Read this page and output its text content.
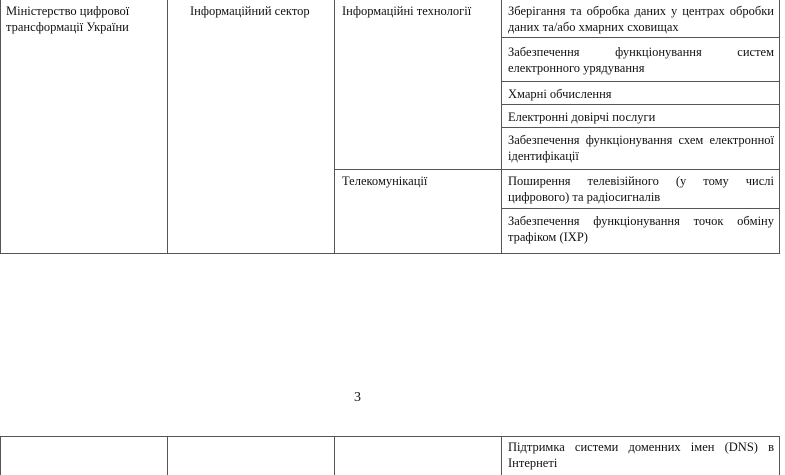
Міністерство цифрової трансформації України

Інформаційний сектор	Інформаційні технології

Телекомунікації

Зберігання та обробка даних у центрах обробки даних та/або хмарних сховищах

Забезпечення функціонування систем електронного урядування

Хмарні обчислення

Електронні довірчі послуги

Забезпечення функціонування схем електронної ідентифікації

Поширення телевізійного (у тому числі цифрового) та радіосигналів

Забезпечення функціонування точок обміну трафіком (IXP)

3

Підтримка системи доменних імен (DNS) в Інтернеті
